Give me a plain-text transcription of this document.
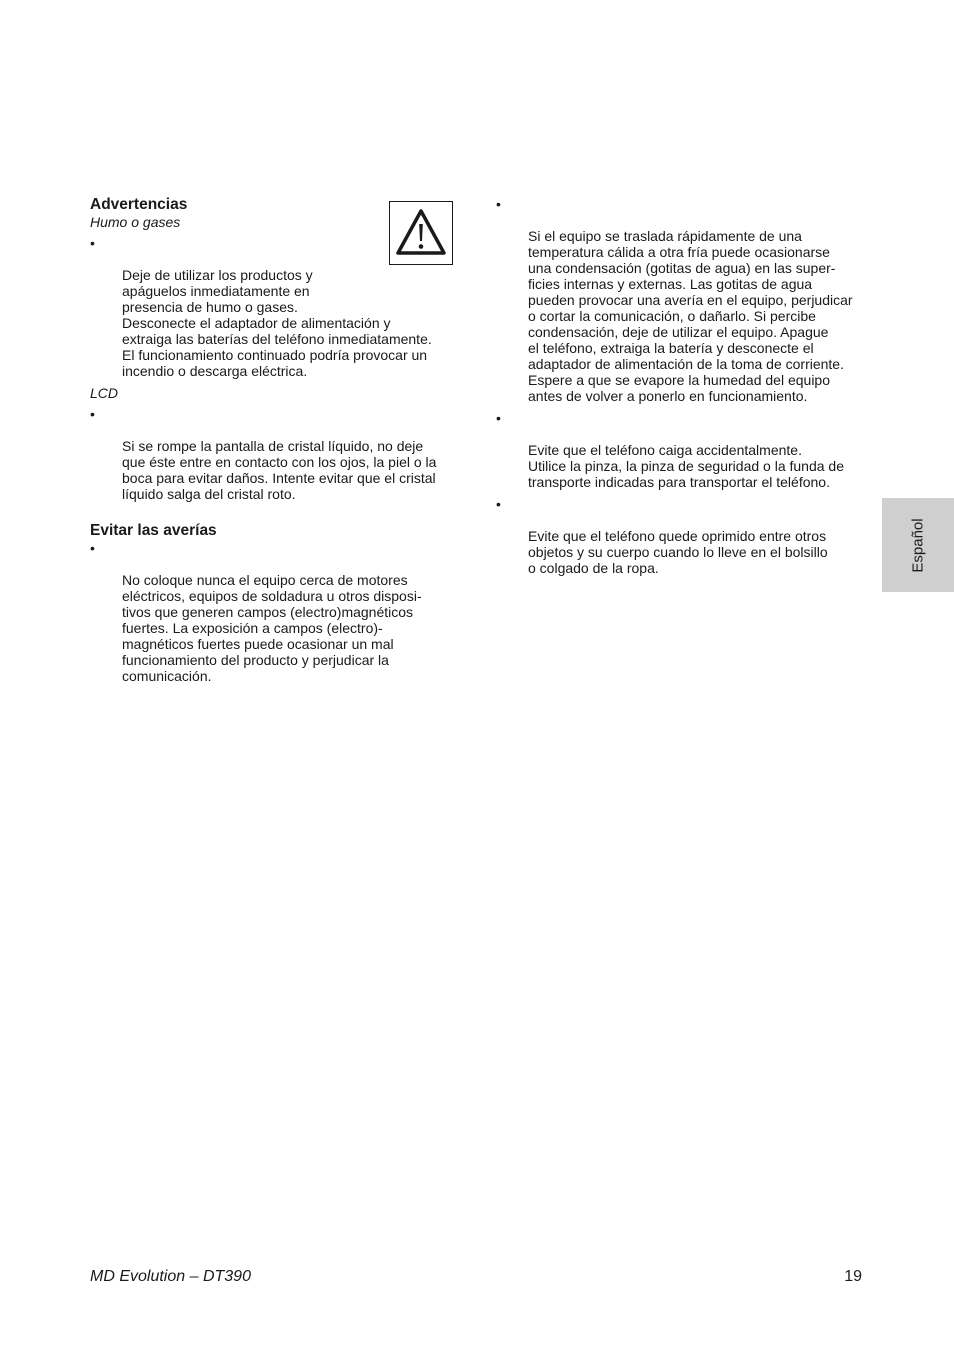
Advertencias

Humo o gases

•

Deje de utilizar los productos y
apáguelos inmediatamente en
presencia de humo o gases.
Desconecte el adaptador de alimentación y
extraiga las baterías del teléfono inmediatamente.
El funcionamiento continuado podría provocar un
incendio o descarga eléctrica.

LCD

•

Si se rompe la pantalla de cristal líquido, no deje
que éste entre en contacto con los ojos, la piel o la
boca para evitar daños. Intente evitar que el cristal
líquido salga del cristal roto.

Evitar las averías

•

No coloque nunca el equipo cerca de motores
eléctricos, equipos de soldadura u otros disposi-
tivos que generen campos (electro)magnéticos
fuertes. La exposición a campos (electro)-
magnéticos fuertes puede ocasionar un mal
funcionamiento del producto y perjudicar la
comunicación.

•

Si el equipo se traslada rápidamente de una
temperatura cálida a otra fría puede ocasionarse
una condensación (gotitas de agua) en las super-
ficies internas y externas. Las gotitas de agua
pueden provocar una avería en el equipo, perjudicar
o cortar la comunicación, o dañarlo. Si percibe
condensación, deje de utilizar el equipo. Apague
el teléfono, extraiga la batería y desconecte el
adaptador de alimentación de la toma de corriente.
Espere a que se evapore la humedad del equipo
antes de volver a ponerlo en funcionamiento.

•

Evite que el teléfono caiga accidentalmente.
Utilice la pinza, la pinza de seguridad o la funda de
transporte indicadas para transportar el teléfono.

•

Evite que el teléfono quede oprimido entre otros
objetos y su cuerpo cuando lo lleve en el bolsillo
o colgado de la ropa.	Español
MD Evolution – DT390	19
